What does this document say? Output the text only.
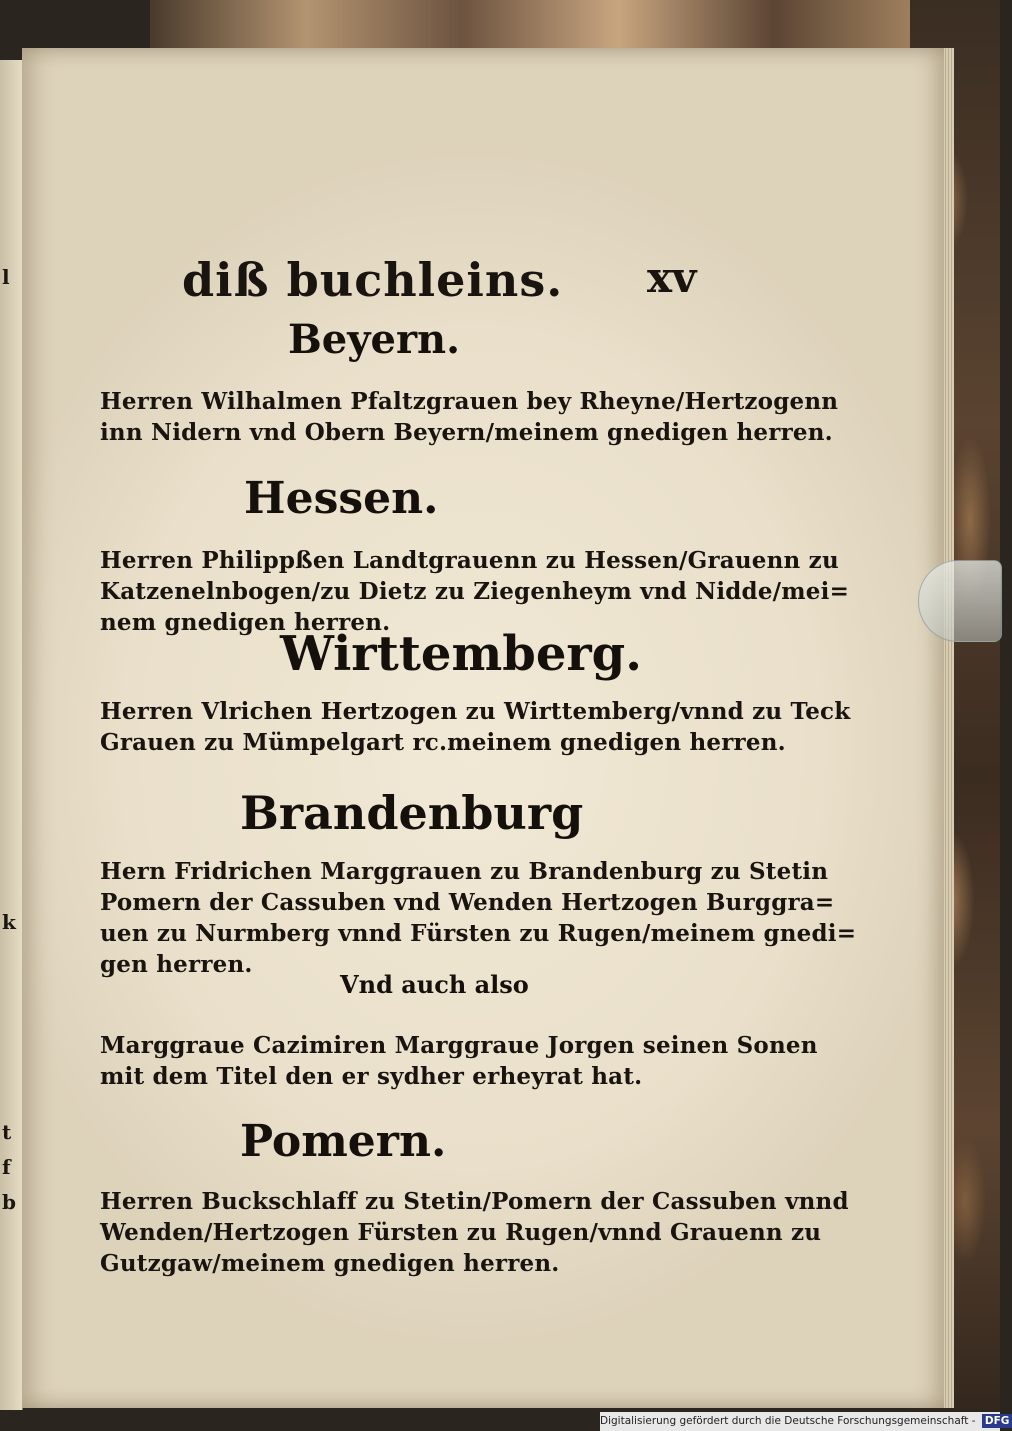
l
k
t
f
b
diß buchleins. xv
Beyern.
Herren Wilhalmen Pfaltzgrauen bey Rheyne/Hertzogenn
inn Nidern vnd Obern Beyern/meinem gnedigen herren.
Hessen.
Herren Philippßen Landtgrauenn zu Hessen/Grauenn zu
Katzenelnbogen/zu Dietz zu Ziegenheym vnd Nidde/mei=
nem gnedigen herren.
Wirttemberg.
Herren Vlrichen Hertzogen zu Wirttemberg/vnnd zu Teck
Grauen zu Mümpelgart rc.meinem gnedigen herren.
Brandenburg
Hern Fridrichen Marggrauen zu Brandenburg zu Stetin
Pomern der Cassuben vnd Wenden Hertzogen Burggra=
uen zu Nurmberg vnnd Fürsten zu Rugen/meinem gnedi=
gen herren.
Vnd auch also
Marggraue Cazimiren Marggraue Jorgen seinen Sonen
mit dem Titel den er sydher erheyrat hat.
Pomern.
Herren Buckschlaff zu Stetin/Pomern der Cassuben vnnd
Wenden/Hertzogen Fürsten zu Rugen/vnnd Grauenn zu
Gutzgaw/meinem gnedigen herren.
Digitalisierung gefördert durch die Deutsche Forschungsgemeinschaft - DFG
